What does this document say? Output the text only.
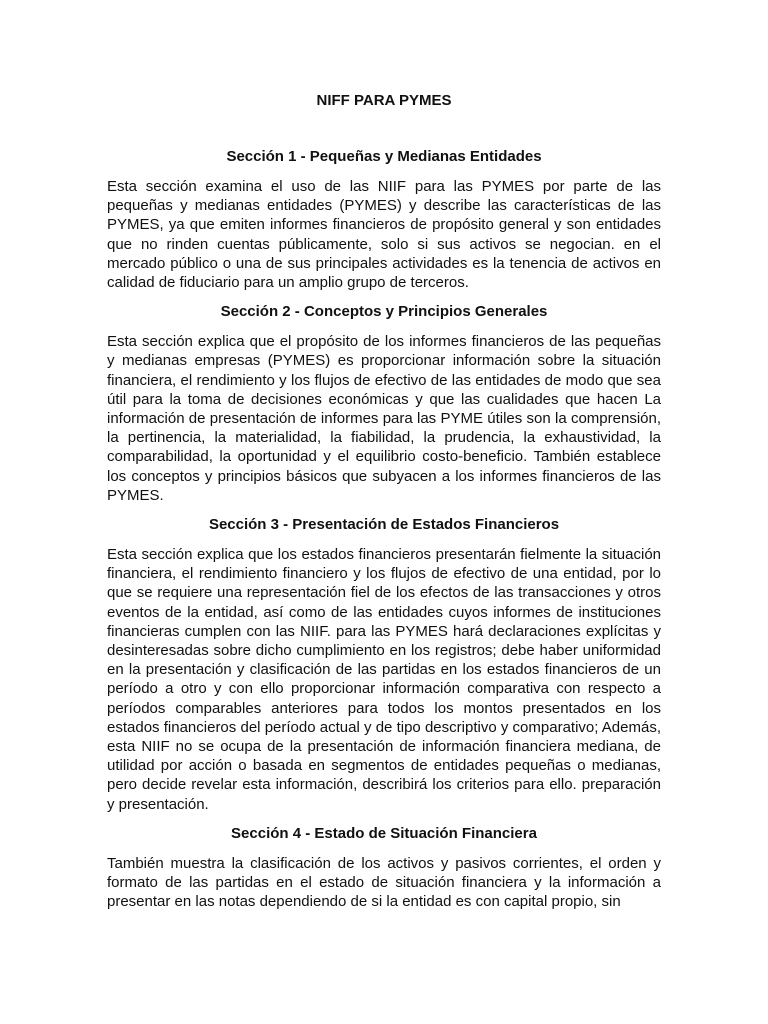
NIFF PARA PYMES
Sección 1 - Pequeñas y Medianas Entidades
Esta sección examina el uso de las NIIF para las PYMES por parte de las pequeñas y medianas entidades (PYMES) y describe las características de las PYMES, ya que emiten informes financieros de propósito general y son entidades que no rinden cuentas públicamente, solo si sus activos se negocian. en el mercado público o una de sus principales actividades es la tenencia de activos en calidad de fiduciario para un amplio grupo de terceros.
Sección 2 - Conceptos y Principios Generales
Esta sección explica que el propósito de los informes financieros de las pequeñas y medianas empresas (PYMES) es proporcionar información sobre la situación financiera, el rendimiento y los flujos de efectivo de las entidades de modo que sea útil para la toma de decisiones económicas y que las cualidades que hacen La información de presentación de informes para las PYME útiles son la comprensión, la pertinencia, la materialidad, la fiabilidad, la prudencia, la exhaustividad, la comparabilidad, la oportunidad y el equilibrio costo-beneficio. También establece los conceptos y principios básicos que subyacen a los informes financieros de las PYMES.
Sección 3 - Presentación de Estados Financieros
Esta sección explica que los estados financieros presentarán fielmente la situación financiera, el rendimiento financiero y los flujos de efectivo de una entidad, por lo que se requiere una representación fiel de los efectos de las transacciones y otros eventos de la entidad, así como de las entidades cuyos informes de instituciones financieras cumplen con las NIIF. para las PYMES hará declaraciones explícitas y desinteresadas sobre dicho cumplimiento en los registros; debe haber uniformidad en la presentación y clasificación de las partidas en los estados financieros de un período a otro y con ello proporcionar información comparativa con respecto a períodos comparables anteriores para todos los montos presentados en los estados financieros del período actual y de tipo descriptivo y comparativo; Además, esta NIIF no se ocupa de la presentación de información financiera mediana, de utilidad por acción o basada en segmentos de entidades pequeñas o medianas, pero decide revelar esta información, describirá los criterios para ello. preparación y presentación.
Sección 4 - Estado de Situación Financiera
También muestra la clasificación de los activos y pasivos corrientes, el orden y formato de las partidas en el estado de situación financiera y la información a presentar en las notas dependiendo de si la entidad es con capital propio, sin
